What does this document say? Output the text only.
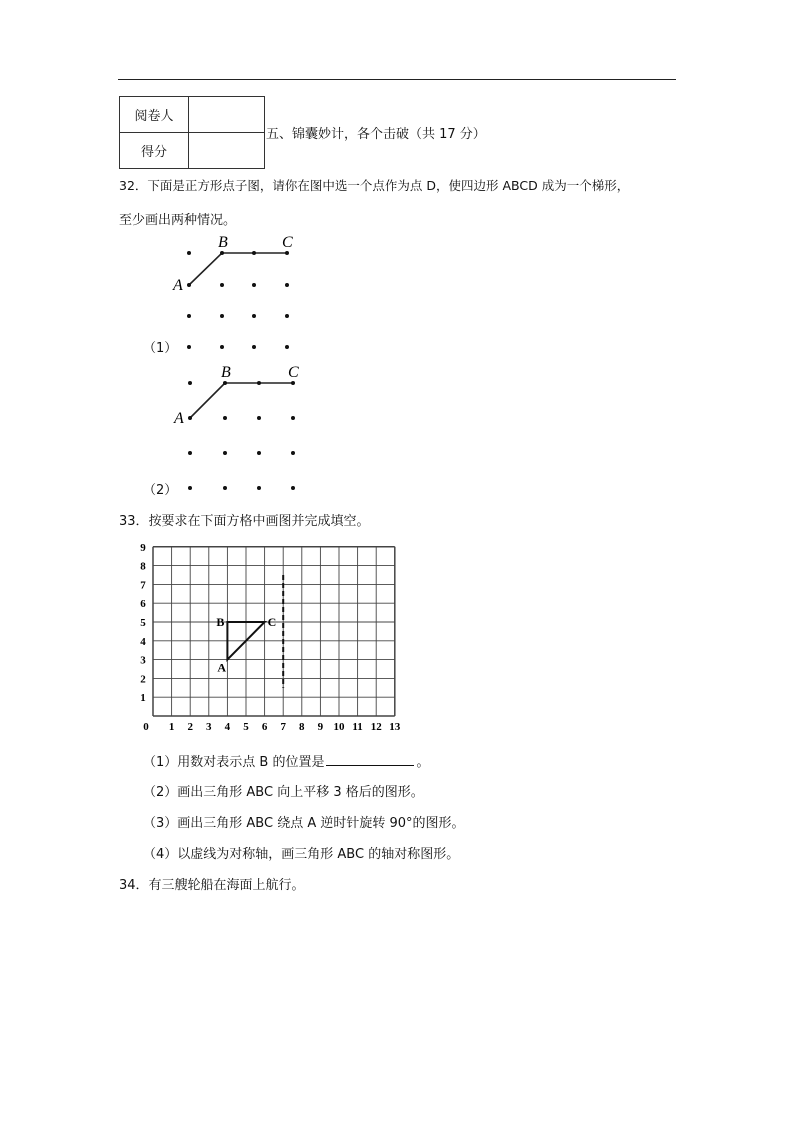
阅卷人	
得分	
五、锦囊妙计，各个击破（共 17 分）
32．下面是正方形点子图，请你在图中选一个点作为点 D，使四边形 ABCD 成为一个梯形，
至少画出两种情况。
（1）
（2）
A
B	C
A
B	C
33．按要求在下面方格中画图并完成填空。
0 1 2 3 4 5 6 7 8 9 10 11 12 13
1
2
3
4
5
6
7
8
9
A
B	C
（1）用数对表示点 B 的位置是	。
（2）画出三角形 ABC 向上平移 3 格后的图形。
（3）画出三角形 ABC 绕点 A 逆时针旋转 90°的图形。
（4）以虚线为对称轴，画三角形 ABC 的轴对称图形。
34．有三艘轮船在海面上航行。
